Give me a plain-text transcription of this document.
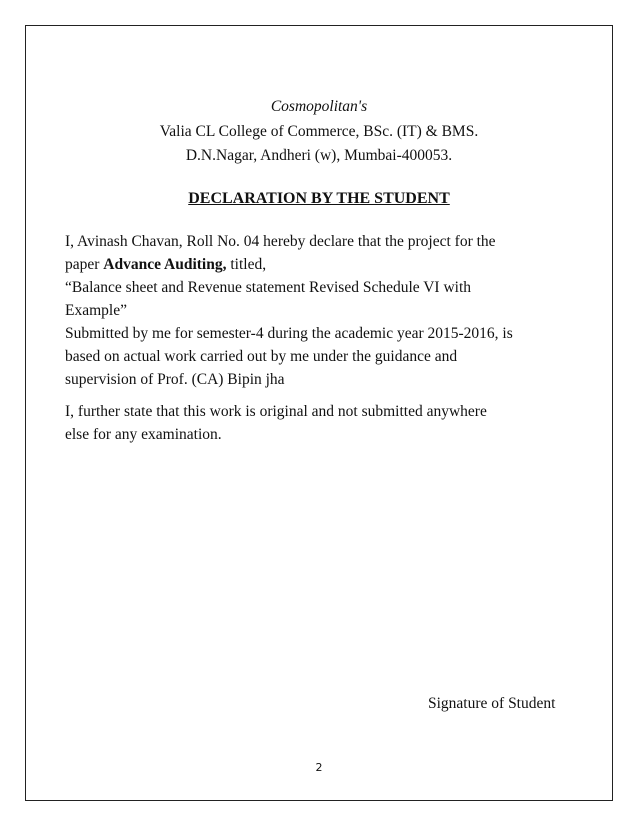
Cosmopolitan's
Valia CL College of Commerce, BSc. (IT) & BMS.
D.N.Nagar, Andheri (w), Mumbai-400053.
DECLARATION BY THE STUDENT
I, Avinash Chavan, Roll No. 04 hereby declare that the project for the
paper Advance Auditing, titled,
“Balance sheet and Revenue statement Revised Schedule VI with
Example”
Submitted by me for semester-4 during the academic year 2015-2016, is
based on actual work carried out by me under the guidance and
supervision of Prof. (CA) Bipin jha
I, further state that this work is original and not submitted anywhere
else for any examination.
Signature of Student
2
